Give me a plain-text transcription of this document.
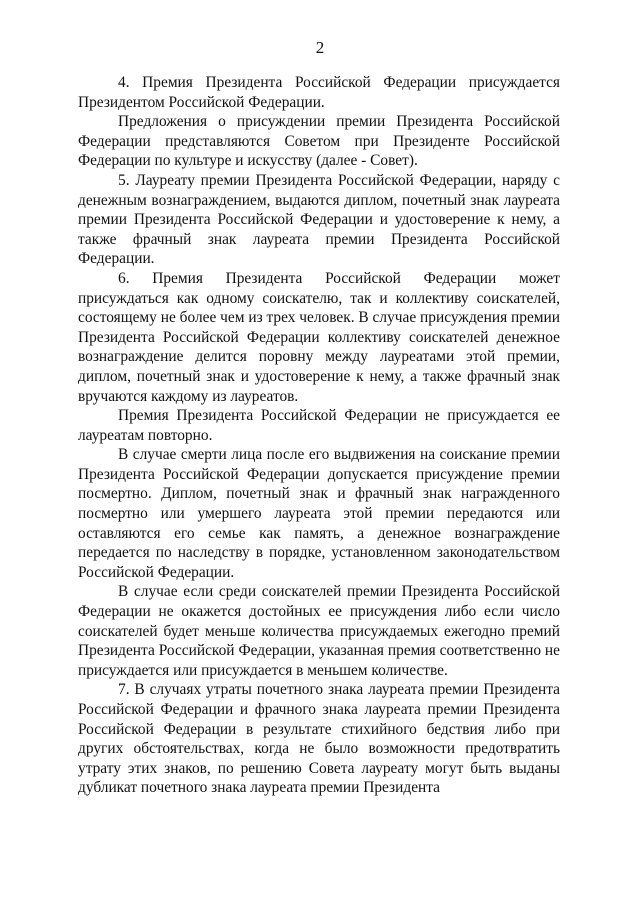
2

4. Премия Президента Российской Федерации присуждается Президентом Российской Федерации.

Предложения о присуждении премии Президента Российской Федерации представляются Советом при Президенте Российской Федерации по культуре и искусству (далее - Совет).

5. Лауреату премии Президента Российской Федерации, наряду с денежным вознаграждением, выдаются диплом, почетный знак лауреата премии Президента Российской Федерации и удостоверение к нему, а также фрачный знак лауреата премии Президента Российской Федерации.

6. Премия Президента Российской Федерации может присуждаться как одному соискателю, так и коллективу соискателей, состоящему не более чем из трех человек. В случае присуждения премии Президента Российской Федерации коллективу соискателей денежное вознаграждение делится поровну между лауреатами этой премии, диплом, почетный знак и удостоверение к нему, а также фрачный знак вручаются каждому из лауреатов.

Премия Президента Российской Федерации не присуждается ее лауреатам повторно.

В случае смерти лица после его выдвижения на соискание премии Президента Российской Федерации допускается присуждение премии посмертно. Диплом, почетный знак и фрачный знак награжденного посмертно или умершего лауреата этой премии передаются или оставляются его семье как память, а денежное вознаграждение передается по наследству в порядке, установленном законодательством Российской Федерации.

В случае если среди соискателей премии Президента Российской Федерации не окажется достойных ее присуждения либо если число соискателей будет меньше количества присуждаемых ежегодно премий Президента Российской Федерации, указанная премия соответственно не присуждается или присуждается в меньшем количестве.

7. В случаях утраты почетного знака лауреата премии Президента Российской Федерации и фрачного знака лауреата премии Президента Российской Федерации в результате стихийного бедствия либо при других обстоятельствах, когда не было возможности предотвратить утрату этих знаков, по решению Совета лауреату могут быть выданы дубликат почетного знака лауреата премии Президента
